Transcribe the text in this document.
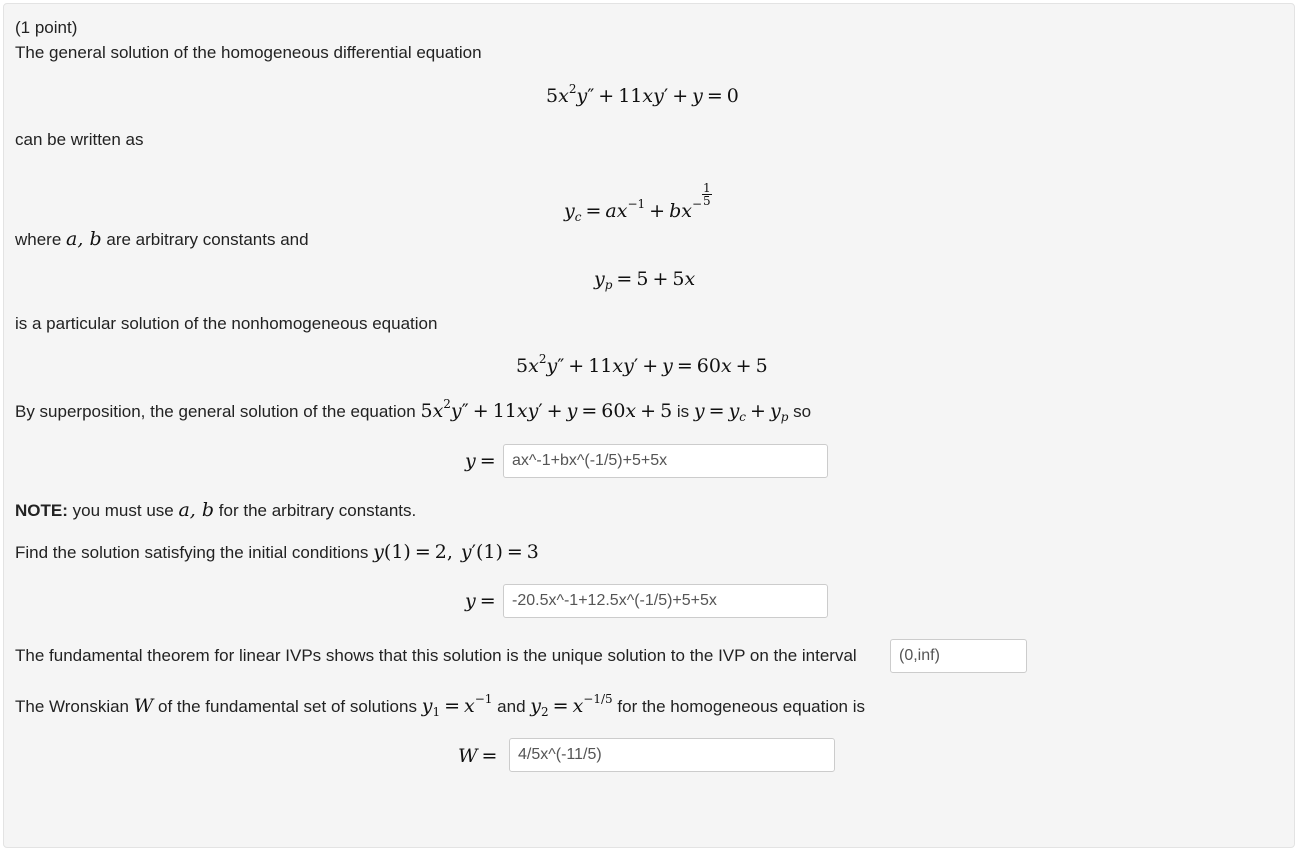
(1 point)
The general solution of the homogeneous differential equation
$5x^2y'' + 11xy' + y = 0$
can be written as
$y_c = ax^{-1} + bx^- \frac{1}{5}$
where a, b are arbitrary constants and
$y_p = 5 + 5x$
is a particular solution of the nonhomogeneous equation
$5x^2y'' + 11xy' + y = 60x + 5$
By superposition, the general solution of the equation $5x^2y'' + 11xy' + y = 60x + 5$ is $y = y_c + y_p$ so
y =	ax^-1+bx^(-1/5)+5+5x
NOTE: you must use a, b for the arbitrary constants.
Find the solution satisfying the initial conditions y(1) = 2, y′(1) = 3
y =	-20.5x^-1+12.5x^(-1/5)+5+5x
The fundamental theorem for linear IVPs shows that this solution is the unique solution to the IVP on the interval	(0,inf)
The Wronskian W of the fundamental set of solutions $y_1 = x^{-1}$ and $y_2 = x^{-1/5}$ for the homogeneous equation is
W =	4/5x^(-11/5)
